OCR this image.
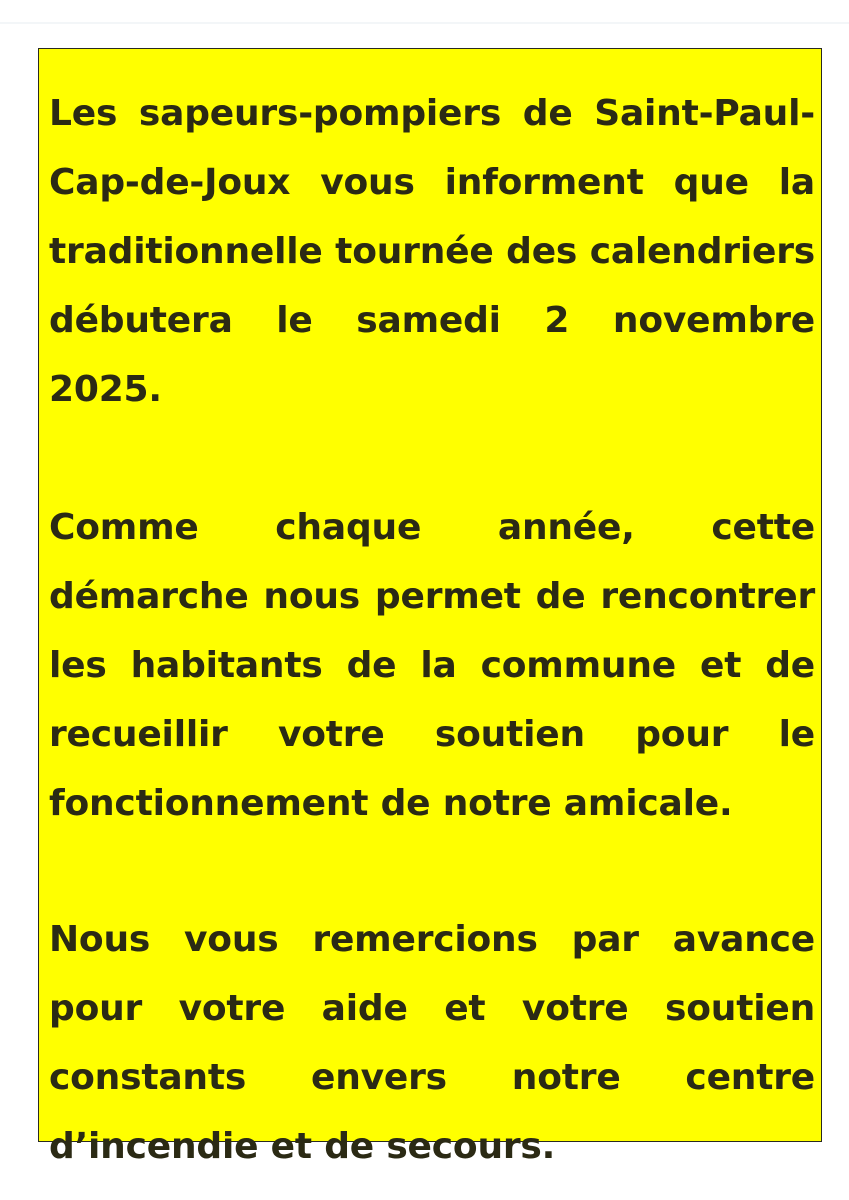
Les sapeurs-pompiers de Saint-Paul-

Cap-de-Joux vous informent que la

traditionnelle tournée des calendriers

débutera le samedi 2 novembre 2025.

Comme chaque année, cette

démarche nous permet de rencontrer

les habitants de la commune et de

recueillir votre soutien pour le

fonctionnement de notre amicale.

Nous vous remercions par avance

pour votre aide et votre soutien

constants envers notre centre

d’incendie et de secours.
